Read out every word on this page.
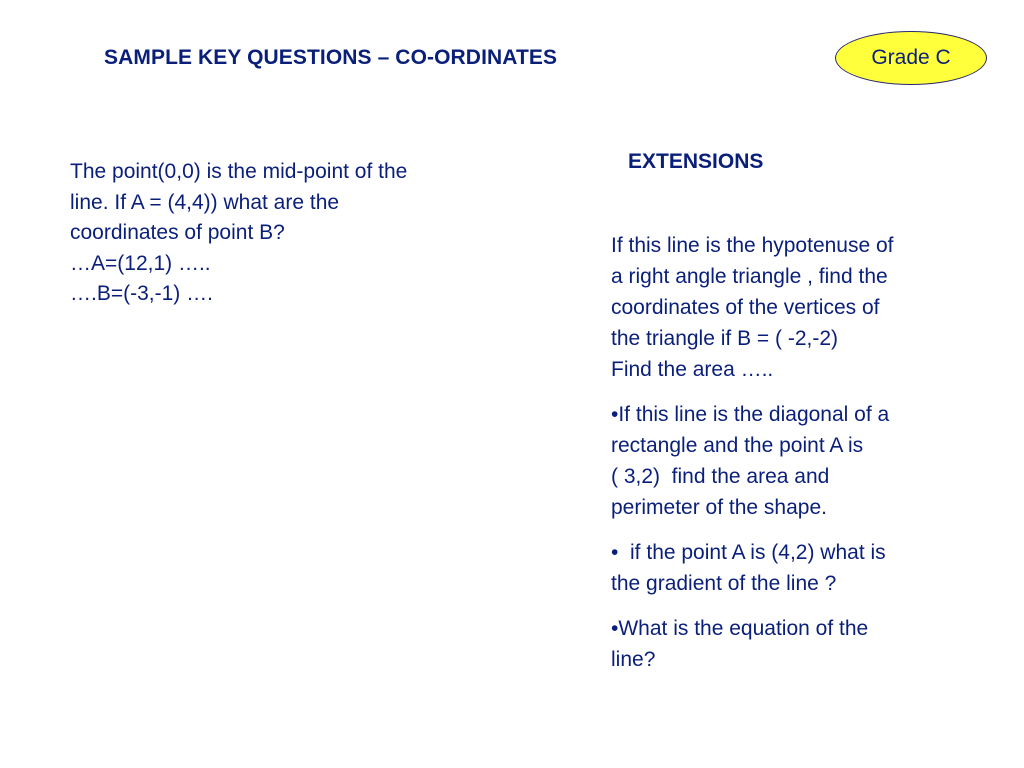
SAMPLE KEY QUESTIONS – CO-ORDINATES	Grade C
The point(0,0) is the mid-point of the
line. If A = (4,4)) what are the
coordinates of point B?
…A=(12,1) …..
….B=(-3,-1) ….
EXTENSIONS
If this line is the hypotenuse of
a right angle triangle , find the
coordinates of the vertices of
the triangle if B = ( -2,-2)
Find the area …..
•If this line is the diagonal of a
rectangle and the point A is
( 3,2)  find the area and
perimeter of the shape.
•  if the point A is (4,2) what is
the gradient of the line ?
•What is the equation of the
line?
